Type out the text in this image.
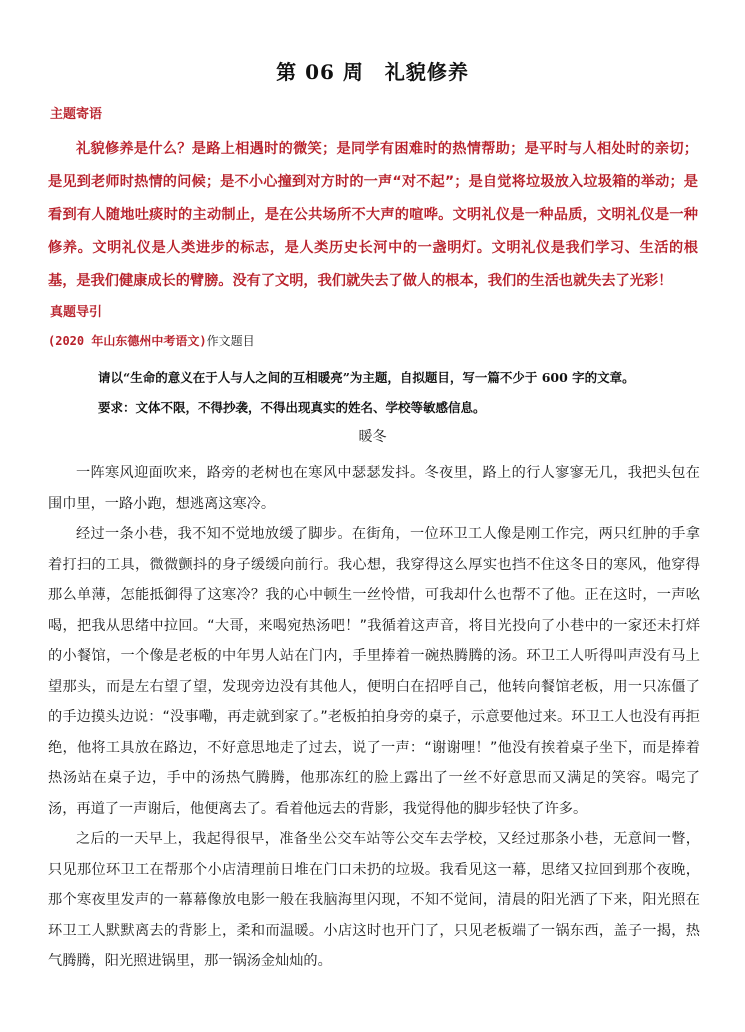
第 06 周　礼貌修养
主题寄语

礼貌修养是什么？是路上相遇时的微笑；是同学有困难时的热情帮助；是平时与人相处时的亲切；是见到老师时热情的问候；是不小心撞到对方时的一声“对不起”；是自觉将垃圾放入垃圾箱的举动；是看到有人随地吐痰时的主动制止，是在公共场所不大声的喧哗。文明礼仪是一种品质，文明礼仪是一种修养。文明礼仪是人类进步的标志，是人类历史长河中的一盏明灯。文明礼仪是我们学习、生活的根基，是我们健康成长的臂膀。没有了文明，我们就失去了做人的根本，我们的生活也就失去了光彩！

真题导引
(2020 年山东德州中考语文)作文题目

请以“生命的意义在于人与人之间的互相暖亮”为主题，自拟题目，写一篇不少于 600 字的文章。

要求：文体不限，不得抄袭，不得出现真实的姓名、学校等敏感信息。

暖冬

一阵寒风迎面吹来，路旁的老树也在寒风中瑟瑟发抖。冬夜里，路上的行人寥寥无几，我把头包在围巾里，一路小跑，想逃离这寒冷。

经过一条小巷，我不知不觉地放缓了脚步。在街角，一位环卫工人像是刚工作完，两只红肿的手拿着打扫的工具，微微颤抖的身子缓缓向前行。我心想，我穿得这么厚实也挡不住这冬日的寒风，他穿得那么单薄，怎能抵御得了这寒冷？我的心中顿生一丝怜惜，可我却什么也帮不了他。正在这时，一声吆喝，把我从思绪中拉回。“大哥，来喝宛热汤吧！”我循着这声音，将目光投向了小巷中的一家还未打烊的小餐馆，一个像是老板的中年男人站在门内，手里捧着一碗热腾腾的汤。环卫工人听得叫声没有马上望那头，而是左右望了望，发现旁边没有其他人，便明白在招呼自己，他转向餐馆老板，用一只冻僵了的手边摸头边说：“没事嘞，再走就到家了。”老板拍拍身旁的桌子，示意要他过来。环卫工人也没有再拒绝，他将工具放在路边，不好意思地走了过去，说了一声：“谢谢哩！”他没有挨着桌子坐下，而是捧着热汤站在桌子边，手中的汤热气腾腾，他那冻红的脸上露出了一丝不好意思而又满足的笑容。喝完了汤，再道了一声谢后，他便离去了。看着他远去的背影，我觉得他的脚步轻快了许多。

之后的一天早上，我起得很早，准备坐公交车站等公交车去学校，又经过那条小巷，无意间一瞥，只见那位环卫工在帮那个小店清理前日堆在门口未扔的垃圾。我看见这一幕，思绪又拉回到那个夜晚，那个寒夜里发声的一幕幕像放电影一般在我脑海里闪现，不知不觉间，清晨的阳光洒了下来，阳光照在环卫工人默默离去的背影上，柔和而温暖。小店这时也开门了，只见老板端了一锅东西，盖子一揭，热气腾腾，阳光照进锅里，那一锅汤金灿灿的。
